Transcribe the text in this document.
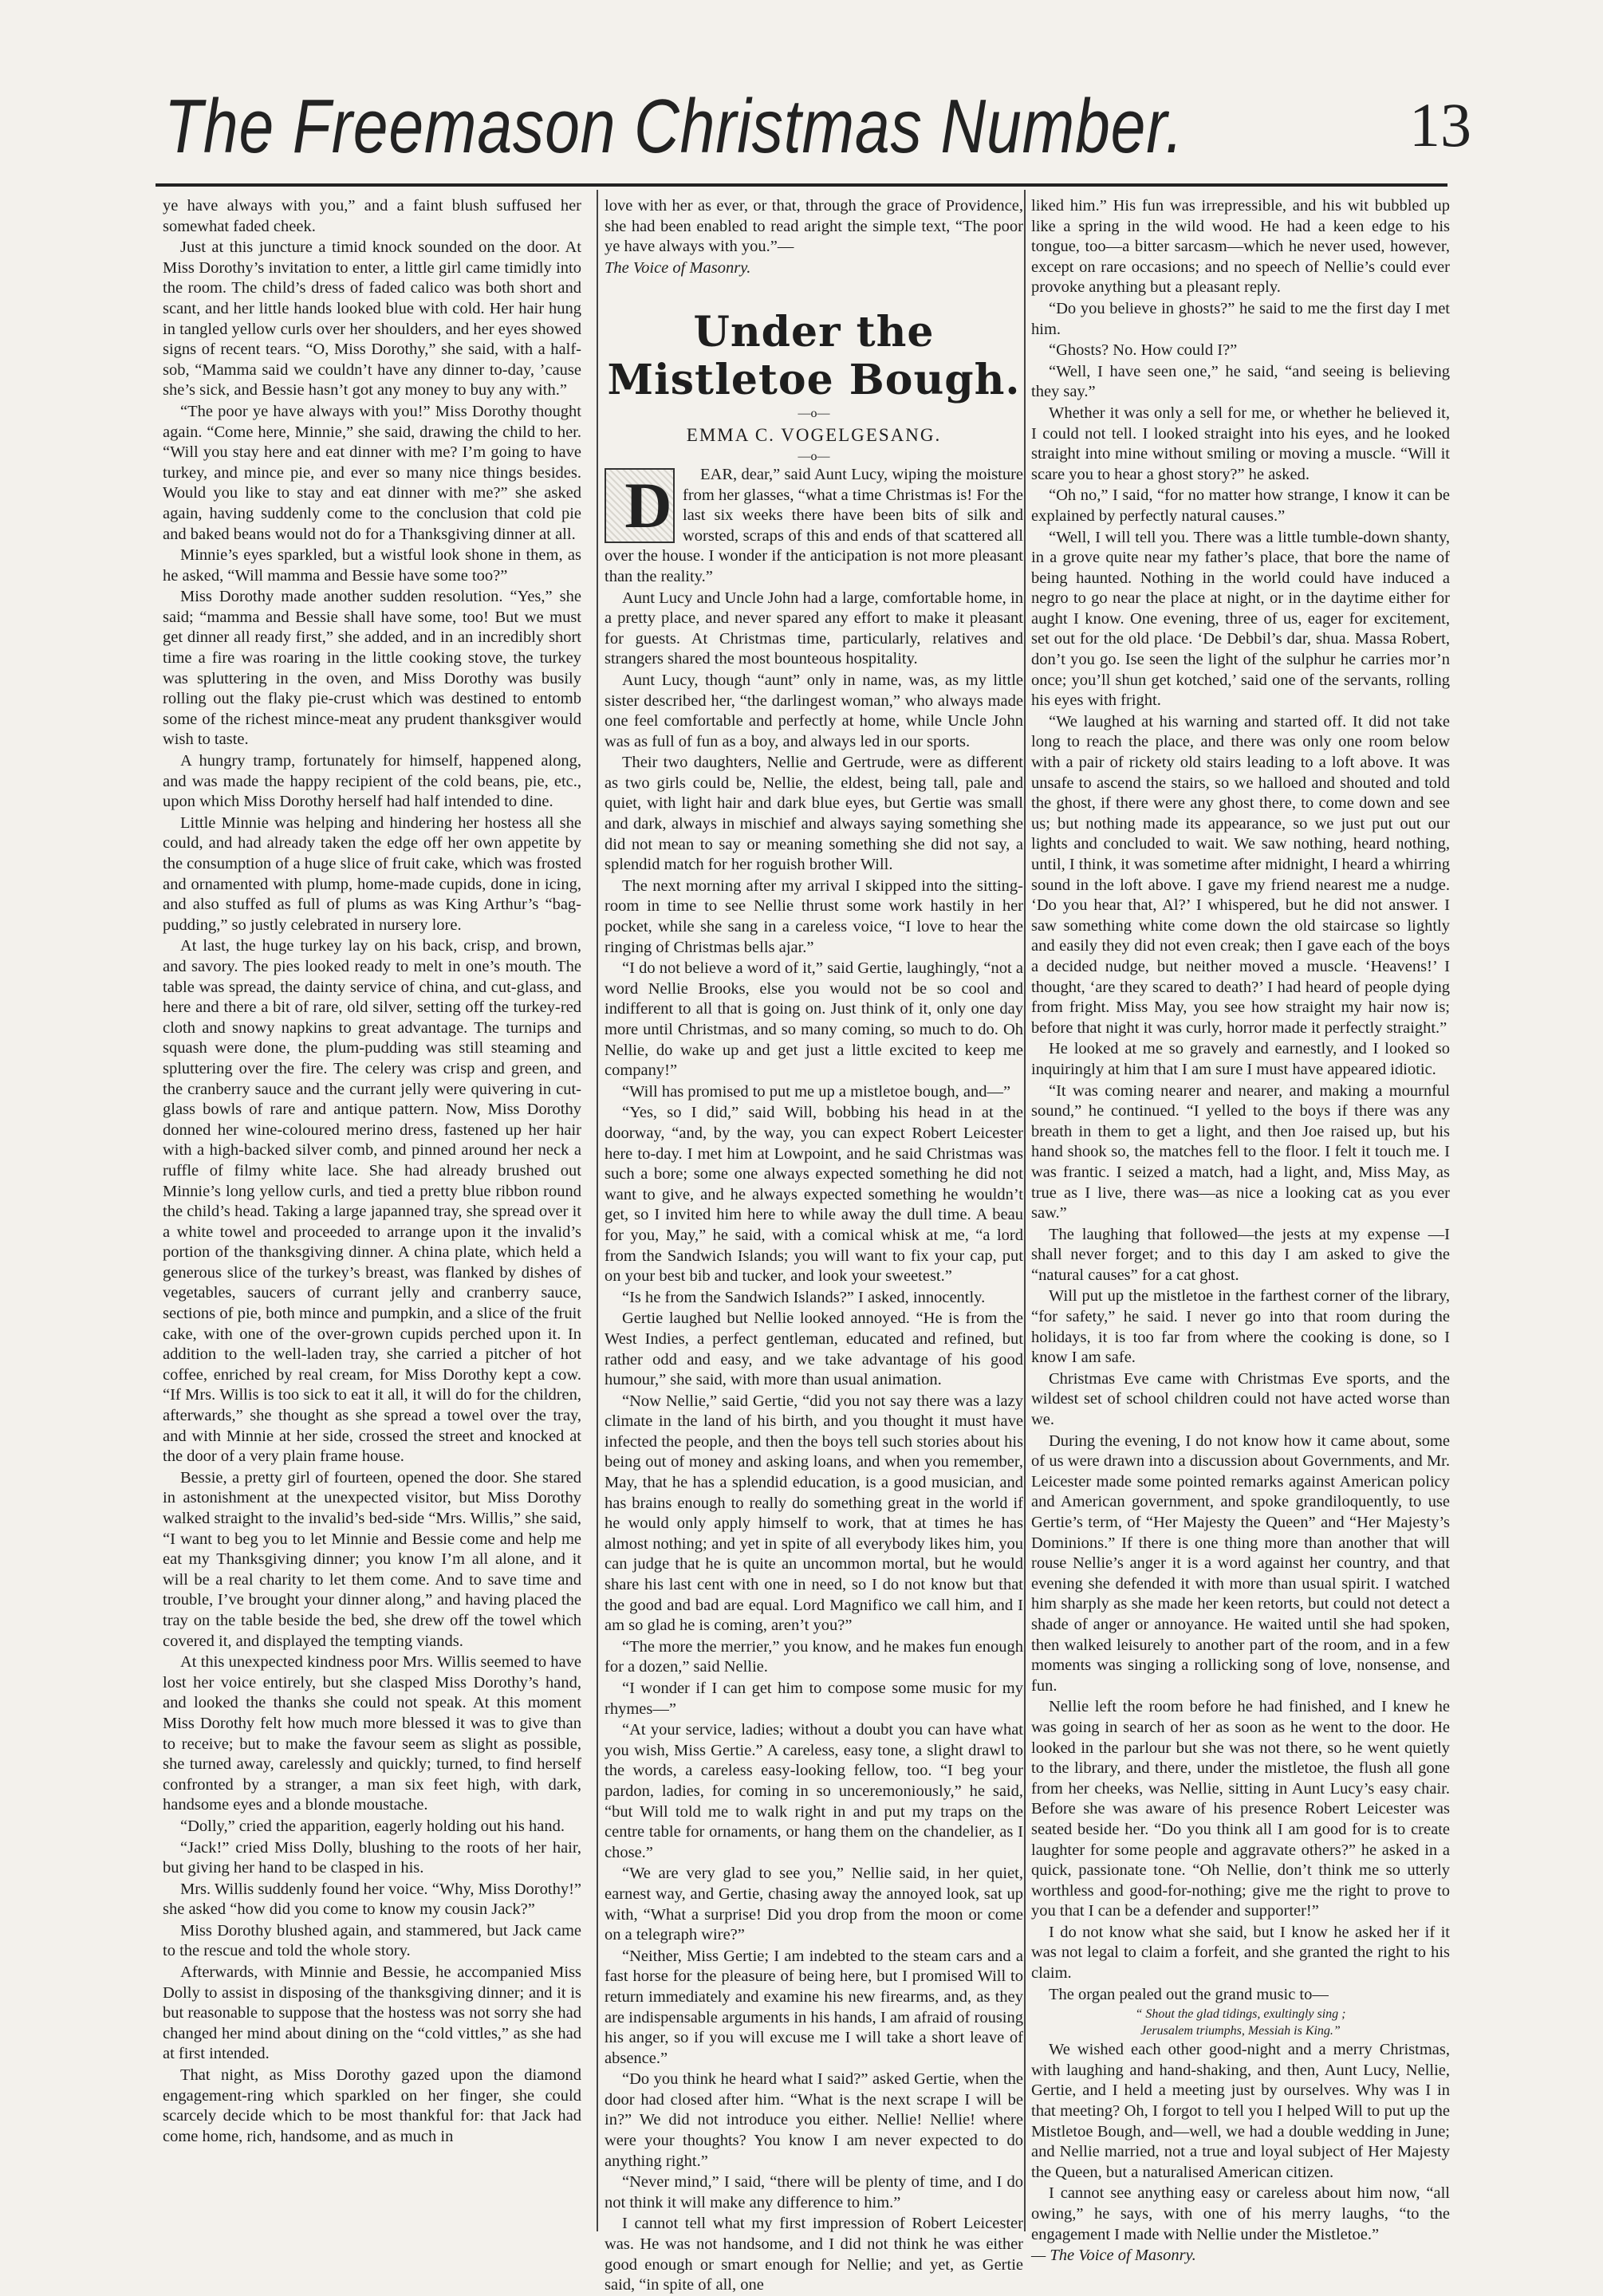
The Freemason Christmas Number.	13

ye have always with you,” and a faint blush suffused her somewhat faded cheek.

Just at this juncture a timid knock sounded on the door. At Miss Dorothy’s invitation to enter, a little girl came timidly into the room. The child’s dress of faded calico was both short and scant, and her little hands looked blue with cold. Her hair hung in tangled yellow curls over her shoulders, and her eyes showed signs of recent tears. “O, Miss Dorothy,” she said, with a half-sob, “Mamma said we couldn’t have any dinner to-day, ’cause she’s sick, and Bessie hasn’t got any money to buy any with.”

“The poor ye have always with you!” Miss Dorothy thought again. “Come here, Minnie,” she said, drawing the child to her. “Will you stay here and eat dinner with me? I’m going to have turkey, and mince pie, and ever so many nice things besides. Would you like to stay and eat dinner with me?” she asked again, having suddenly come to the conclusion that cold pie and baked beans would not do for a Thanksgiving dinner at all.

Minnie’s eyes sparkled, but a wistful look shone in them, as he asked, “Will mamma and Bessie have some too?”

Miss Dorothy made another sudden resolution. “Yes,” she said; “mamma and Bessie shall have some, too! But we must get dinner all ready first,” she added, and in an incredibly short time a fire was roaring in the little cooking stove, the turkey was spluttering in the oven, and Miss Dorothy was busily rolling out the flaky pie-crust which was destined to entomb some of the richest mince-meat any prudent thanksgiver would wish to taste.

A hungry tramp, fortunately for himself, happened along, and was made the happy recipient of the cold beans, pie, etc., upon which Miss Dorothy herself had half intended to dine.

Little Minnie was helping and hindering her hostess all she could, and had already taken the edge off her own appetite by the consumption of a huge slice of fruit cake, which was frosted and ornamented with plump, home-made cupids, done in icing, and also stuffed as full of plums as was King Arthur’s “bag-pudding,” so justly celebrated in nursery lore.

At last, the huge turkey lay on his back, crisp, and brown, and savory. The pies looked ready to melt in one’s mouth. The table was spread, the dainty service of china, and cut-glass, and here and there a bit of rare, old silver, setting off the turkey-red cloth and snowy napkins to great advantage. The turnips and squash were done, the plum-pudding was still steaming and spluttering over the fire. The celery was crisp and green, and the cranberry sauce and the currant jelly were quivering in cut-glass bowls of rare and antique pattern. Now, Miss Dorothy donned her wine-coloured merino dress, fastened up her hair with a high-backed silver comb, and pinned around her neck a ruffle of filmy white lace. She had already brushed out Minnie’s long yellow curls, and tied a pretty blue ribbon round the child’s head. Taking a large japanned tray, she spread over it a white towel and proceeded to arrange upon it the invalid’s portion of the thanksgiving dinner. A china plate, which held a generous slice of the turkey’s breast, was flanked by dishes of vegetables, saucers of currant jelly and cranberry sauce, sections of pie, both mince and pumpkin, and a slice of the fruit cake, with one of the over-grown cupids perched upon it. In addition to the well-laden tray, she carried a pitcher of hot coffee, enriched by real cream, for Miss Dorothy kept a cow. “If Mrs. Willis is too sick to eat it all, it will do for the children, afterwards,” she thought as she spread a towel over the tray, and with Minnie at her side, crossed the street and knocked at the door of a very plain frame house.

Bessie, a pretty girl of fourteen, opened the door. She stared in astonishment at the unexpected visitor, but Miss Dorothy walked straight to the invalid’s bed-side “Mrs. Willis,” she said, “I want to beg you to let Minnie and Bessie come and help me eat my Thanksgiving dinner; you know I’m all alone, and it will be a real charity to let them come. And to save time and trouble, I’ve brought your dinner along,” and having placed the tray on the table beside the bed, she drew off the towel which covered it, and displayed the tempting viands.

At this unexpected kindness poor Mrs. Willis seemed to have lost her voice entirely, but she clasped Miss Dorothy’s hand, and looked the thanks she could not speak. At this moment Miss Dorothy felt how much more blessed it was to give than to receive; but to make the favour seem as slight as possible, she turned away, carelessly and quickly; turned, to find herself confronted by a stranger, a man six feet high, with dark, handsome eyes and a blonde moustache.

“Dolly,” cried the apparition, eagerly holding out his hand.

“Jack!” cried Miss Dolly, blushing to the roots of her hair, but giving her hand to be clasped in his.

Mrs. Willis suddenly found her voice. “Why, Miss Dorothy!” she asked “how did you come to know my cousin Jack?”

Miss Dorothy blushed again, and stammered, but Jack came to the rescue and told the whole story.

Afterwards, with Minnie and Bessie, he accompanied Miss Dolly to assist in disposing of the thanksgiving dinner; and it is but reasonable to suppose that the hostess was not sorry she had changed her mind about dining on the “cold vittles,” as she had at first intended.

That night, as Miss Dorothy gazed upon the diamond engagement-ring which sparkled on her finger, she could scarcely decide which to be most thankful for: that Jack had come home, rich, handsome, and as much in

love with her as ever, or that, through the grace of Providence, she had been enabled to read aright the simple text, “The poor ye have always with you.”—

The Voice of Masonry.

Under the Mistletoe Bough.
—o—
EMMA C. VOGELGESANG.
—o—

D EAR, dear,” said Aunt Lucy, wiping the moisture from her glasses, “what a time Christmas is! For the last six weeks there have been bits of silk and worsted, scraps of this and ends of that scattered all over the house. I wonder if the anticipation is not more pleasant than the reality.”

Aunt Lucy and Uncle John had a large, comfortable home, in a pretty place, and never spared any effort to make it pleasant for guests. At Christmas time, particularly, relatives and strangers shared the most bounteous hospitality.

Aunt Lucy, though “aunt” only in name, was, as my little sister described her, “the darlingest woman,” who always made one feel comfortable and perfectly at home, while Uncle John was as full of fun as a boy, and always led in our sports.

Their two daughters, Nellie and Gertrude, were as different as two girls could be, Nellie, the eldest, being tall, pale and quiet, with light hair and dark blue eyes, but Gertie was small and dark, always in mischief and always saying something she did not mean to say or meaning something she did not say, a splendid match for her roguish brother Will.

The next morning after my arrival I skipped into the sitting-room in time to see Nellie thrust some work hastily in her pocket, while she sang in a careless voice, “I love to hear the ringing of Christmas bells ajar.”

“I do not believe a word of it,” said Gertie, laughingly, “not a word Nellie Brooks, else you would not be so cool and indifferent to all that is going on. Just think of it, only one day more until Christmas, and so many coming, so much to do. Oh Nellie, do wake up and get just a little excited to keep me company!”

“Will has promised to put me up a mistletoe bough, and—”

“Yes, so I did,” said Will, bobbing his head in at the doorway, “and, by the way, you can expect Robert Leicester here to-day. I met him at Lowpoint, and he said Christmas was such a bore; some one always expected something he did not want to give, and he always expected something he wouldn’t get, so I invited him here to while away the dull time. A beau for you, May,” he said, with a comical whisk at me, “a lord from the Sandwich Islands; you will want to fix your cap, put on your best bib and tucker, and look your sweetest.”

“Is he from the Sandwich Islands?” I asked, innocently.

Gertie laughed but Nellie looked annoyed. “He is from the West Indies, a perfect gentleman, educated and refined, but rather odd and easy, and we take advantage of his good humour,” she said, with more than usual animation.

“Now Nellie,” said Gertie, “did you not say there was a lazy climate in the land of his birth, and you thought it must have infected the people, and then the boys tell such stories about his being out of money and asking loans, and when you remember, May, that he has a splendid education, is a good musician, and has brains enough to really do something great in the world if he would only apply himself to work, that at times he has almost nothing; and yet in spite of all everybody likes him, you can judge that he is quite an uncommon mortal, but he would share his last cent with one in need, so I do not know but that the good and bad are equal. Lord Magnifico we call him, and I am so glad he is coming, aren’t you?”

“The more the merrier,” you know, and he makes fun enough for a dozen,” said Nellie.

“I wonder if I can get him to compose some music for my rhymes—”

“At your service, ladies; without a doubt you can have what you wish, Miss Gertie.” A careless, easy tone, a slight drawl to the words, a careless easy-looking fellow, too. “I beg your pardon, ladies, for coming in so unceremoniously,” he said, “but Will told me to walk right in and put my traps on the centre table for ornaments, or hang them on the chandelier, as I chose.”

“We are very glad to see you,” Nellie said, in her quiet, earnest way, and Gertie, chasing away the annoyed look, sat up with, “What a surprise! Did you drop from the moon or come on a telegraph wire?”

“Neither, Miss Gertie; I am indebted to the steam cars and a fast horse for the pleasure of being here, but I promised Will to return immediately and examine his new firearms, and, as they are indispensable arguments in his hands, I am afraid of rousing his anger, so if you will excuse me I will take a short leave of absence.”

“Do you think he heard what I said?” asked Gertie, when the door had closed after him. “What is the next scrape I will be in?” We did not introduce you either. Nellie! Nellie! where were your thoughts? You know I am never expected to do anything right.”

“Never mind,” I said, “there will be plenty of time, and I do not think it will make any difference to him.”

I cannot tell what my first impression of Robert Leicester was. He was not handsome, and I did not think he was either good enough or smart enough for Nellie; and yet, as Gertie said, “in spite of all, one

liked him.” His fun was irrepressible, and his wit bubbled up like a spring in the wild wood. He had a keen edge to his tongue, too—a bitter sarcasm—which he never used, however, except on rare occasions; and no speech of Nellie’s could ever provoke anything but a pleasant reply.

“Do you believe in ghosts?” he said to me the first day I met him.

“Ghosts? No. How could I?”

“Well, I have seen one,” he said, “and seeing is believing they say.”

Whether it was only a sell for me, or whether he believed it, I could not tell. I looked straight into his eyes, and he looked straight into mine without smiling or moving a muscle. “Will it scare you to hear a ghost story?” he asked.

“Oh no,” I said, “for no matter how strange, I know it can be explained by perfectly natural causes.”

“Well, I will tell you. There was a little tumble-down shanty, in a grove quite near my father’s place, that bore the name of being haunted. Nothing in the world could have induced a negro to go near the place at night, or in the daytime either for aught I know. One evening, three of us, eager for excitement, set out for the old place. ‘De Debbil’s dar, shua. Massa Robert, don’t you go. Ise seen the light of the sulphur he carries mor’n once; you’ll shun get kotched,’ said one of the servants, rolling his eyes with fright.

“We laughed at his warning and started off. It did not take long to reach the place, and there was only one room below with a pair of rickety old stairs leading to a loft above. It was unsafe to ascend the stairs, so we halloed and shouted and told the ghost, if there were any ghost there, to come down and see us; but nothing made its appearance, so we just put out our lights and concluded to wait. We saw nothing, heard nothing, until, I think, it was sometime after midnight, I heard a whirring sound in the loft above. I gave my friend nearest me a nudge. ‘Do you hear that, Al?’ I whispered, but he did not answer. I saw something white come down the old staircase so lightly and easily they did not even creak; then I gave each of the boys a decided nudge, but neither moved a muscle. ‘Heavens!’ I thought, ‘are they scared to death?’ I had heard of people dying from fright. Miss May, you see how straight my hair now is; before that night it was curly, horror made it perfectly straight.”

He looked at me so gravely and earnestly, and I looked so inquiringly at him that I am sure I must have appeared idiotic.

“It was coming nearer and nearer, and making a mournful sound,” he continued. “I yelled to the boys if there was any breath in them to get a light, and then Joe raised up, but his hand shook so, the matches fell to the floor. I felt it touch me. I was frantic. I seized a match, had a light, and, Miss May, as true as I live, there was—as nice a looking cat as you ever saw.”

The laughing that followed—the jests at my expense —I shall never forget; and to this day I am asked to give the “natural causes” for a cat ghost.

Will put up the mistletoe in the farthest corner of the library, “for safety,” he said. I never go into that room during the holidays, it is too far from where the cooking is done, so I know I am safe.

Christmas Eve came with Christmas Eve sports, and the wildest set of school children could not have acted worse than we.

During the evening, I do not know how it came about, some of us were drawn into a discussion about Governments, and Mr. Leicester made some pointed remarks against American policy and American government, and spoke grandiloquently, to use Gertie’s term, of “Her Majesty the Queen” and “Her Majesty’s Dominions.” If there is one thing more than another that will rouse Nellie’s anger it is a word against her country, and that evening she defended it with more than usual spirit. I watched him sharply as she made her keen retorts, but could not detect a shade of anger or annoyance. He waited until she had spoken, then walked leisurely to another part of the room, and in a few moments was singing a rollicking song of love, nonsense, and fun.

Nellie left the room before he had finished, and I knew he was going in search of her as soon as he went to the door. He looked in the parlour but she was not there, so he went quietly to the library, and there, under the mistletoe, the flush all gone from her cheeks, was Nellie, sitting in Aunt Lucy’s easy chair. Before she was aware of his presence Robert Leicester was seated beside her. “Do you think all I am good for is to create laughter for some people and aggravate others?” he asked in a quick, passionate tone. “Oh Nellie, don’t think me so utterly worthless and good-for-nothing; give me the right to prove to you that I can be a defender and supporter!”

I do not know what she said, but I know he asked her if it was not legal to claim a forfeit, and she granted the right to his claim.

The organ pealed out the grand music to—

“ Shout the glad tidings, exultingly sing ;
Jerusalem triumphs, Messiah is King.”

We wished each other good-night and a merry Christmas, with laughing and hand-shaking, and then, Aunt Lucy, Nellie, Gertie, and I held a meeting just by ourselves. Why was I in that meeting? Oh, I forgot to tell you I helped Will to put up the Mistletoe Bough, and—well, we had a double wedding in June; and Nellie married, not a true and loyal subject of Her Majesty the Queen, but a naturalised American citizen.

I cannot see anything easy or careless about him now, “all owing,” he says, with one of his merry laughs, “to the engagement I made with Nellie under the Mistletoe.”

— The Voice of Masonry.
